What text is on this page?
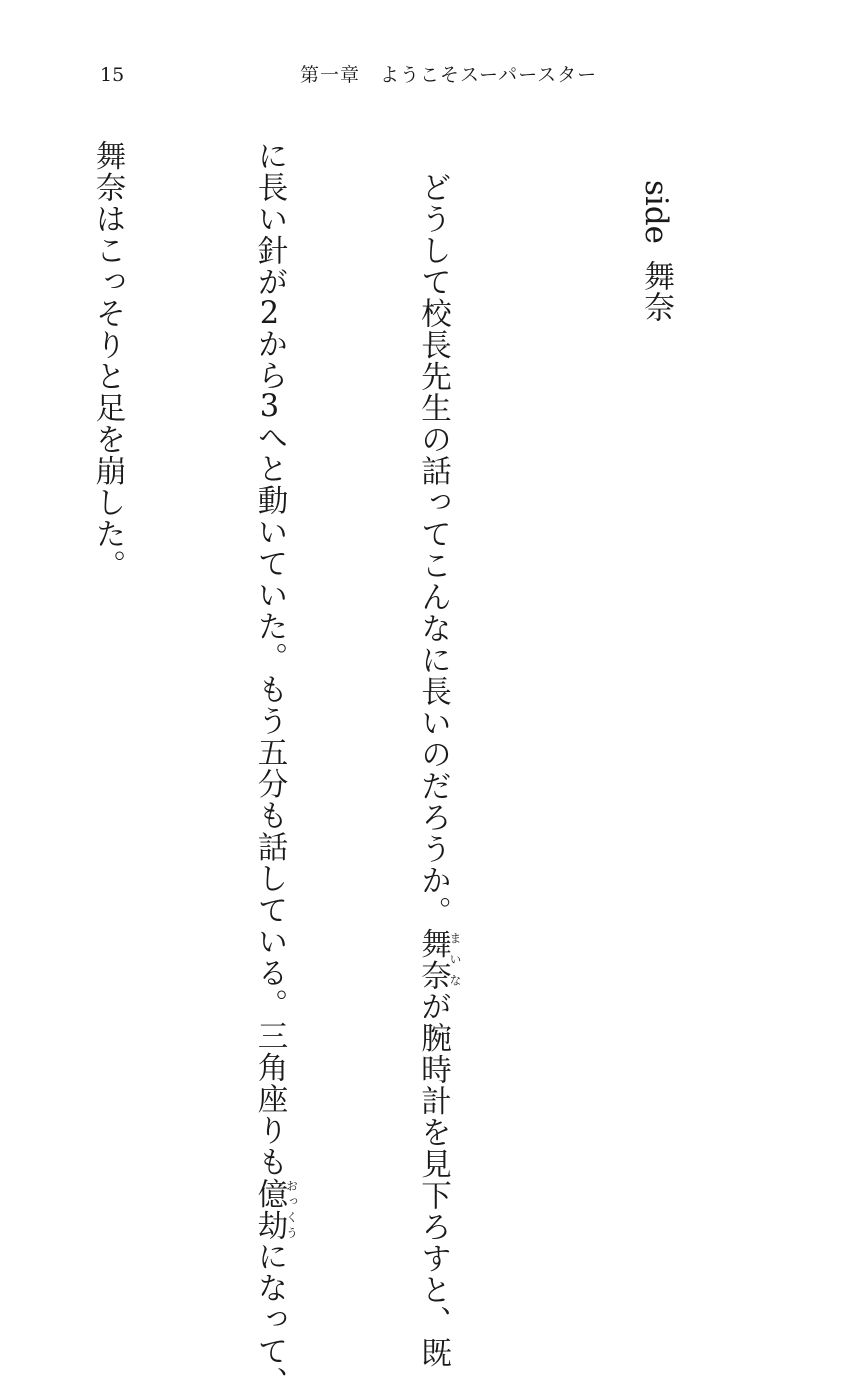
15	第一章　ようこそスーパースター
side舞奈

　どうして校長先生の話ってこんなに長いのだろうか。舞奈まいなが腕時計を見下ろすと、既

に長い針が2から3へと動いていた。もう五分も話している。三角座りも億劫おっくうになって、

舞奈はこっそりと足を崩した。
